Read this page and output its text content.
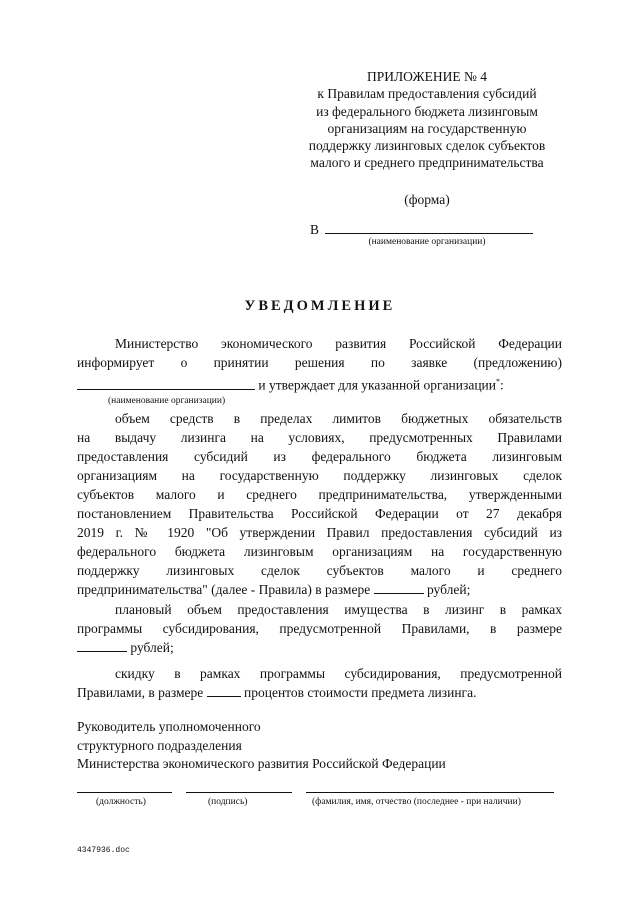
ПРИЛОЖЕНИЕ № 4
к Правилам предоставления субсидий
из федерального бюджета лизинговым
организациям на государственную
поддержку лизинговых сделок субъектов
малого и среднего предпринимательства
(форма)
В
(наименование организации)
УВЕДОМЛЕНИЕ
Министерство экономического развития Российской Федерации
информирует о принятии решения по заявке (предложению)
и утверждает для указанной организации*:
(наименование организации)
объем средств в пределах лимитов бюджетных обязательств
на выдачу лизинга на условиях, предусмотренных Правилами
предоставления субсидий из федерального бюджета лизинговым
организациям на государственную поддержку лизинговых сделок
субъектов малого и среднего предпринимательства, утвержденными
постановлением Правительства Российской Федерации от 27 декабря
2019 г. № 1920 "Об утверждении Правил предоставления субсидий из
федерального бюджета лизинговым организациям на государственную
поддержку лизинговых сделок субъектов малого и среднего
предпринимательства" (далее - Правила) в размере	рублей;
плановый объем предоставления имущества в лизинг в рамках
программы субсидирования, предусмотренной Правилами, в размере
рублей;
скидку в рамках программы субсидирования, предусмотренной
Правилами, в размере	процентов стоимости предмета лизинга.
Руководитель уполномоченного
структурного подразделения
Министерства экономического развития Российской Федерации
(должность)	(подпись)	(фамилия, имя, отчество (последнее - при наличии)
4347936.doc
